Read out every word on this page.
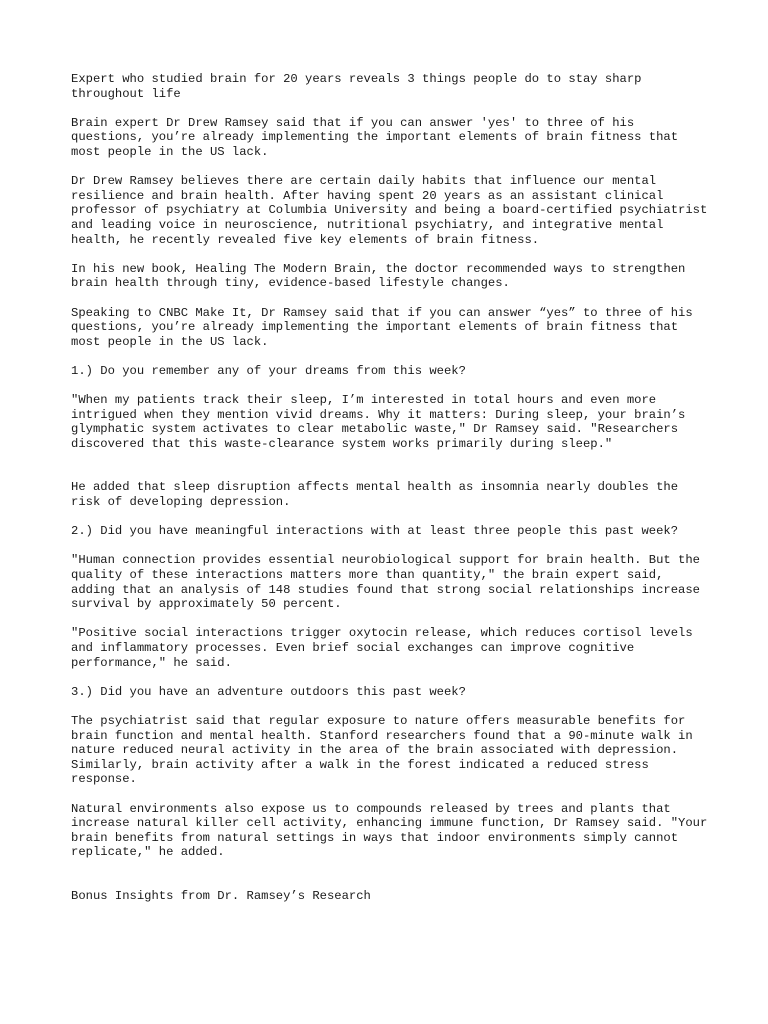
Expert who studied brain for 20 years reveals 3 things people do to stay sharp throughout life

Brain expert Dr Drew Ramsey said that if you can answer 'yes' to three of his questions, you’re already implementing the important elements of brain fitness that most people in the US lack.

Dr Drew Ramsey believes there are certain daily habits that influence our mental resilience and brain health. After having spent 20 years as an assistant clinical professor of psychiatry at Columbia University and being a board-certified psychiatrist and leading voice in neuroscience, nutritional psychiatry, and integrative mental health, he recently revealed five key elements of brain fitness.

In his new book, Healing The Modern Brain, the doctor recommended ways to strengthen brain health through tiny, evidence-based lifestyle changes.

Speaking to CNBC Make It, Dr Ramsey said that if you can answer “yes” to three of his questions, you’re already implementing the important elements of brain fitness that most people in the US lack.

1.) Do you remember any of your dreams from this week?

"When my patients track their sleep, I’m interested in total hours and even more intrigued when they mention vivid dreams. Why it matters: During sleep, your brain’s glymphatic system activates to clear metabolic waste," Dr Ramsey said. "Researchers discovered that this waste-clearance system works primarily during sleep."

He added that sleep disruption affects mental health as insomnia nearly doubles the risk of developing depression.

2.) Did you have meaningful interactions with at least three people this past week?

"Human connection provides essential neurobiological support for brain health. But the quality of these interactions matters more than quantity," the brain expert said, adding that an analysis of 148 studies found that strong social relationships increase survival by approximately 50 percent.

"Positive social interactions trigger oxytocin release, which reduces cortisol levels and inflammatory processes. Even brief social exchanges can improve cognitive performance," he said.

3.) Did you have an adventure outdoors this past week?

The psychiatrist said that regular exposure to nature offers measurable benefits for brain function and mental health. Stanford researchers found that a 90-minute walk in nature reduced neural activity in the area of the brain associated with depression. Similarly, brain activity after a walk in the forest indicated a reduced stress response.

Natural environments also expose us to compounds released by trees and plants that increase natural killer cell activity, enhancing immune function, Dr Ramsey said. "Your brain benefits from natural settings in ways that indoor environments simply cannot replicate," he added.

Bonus Insights from Dr. Ramsey’s Research
